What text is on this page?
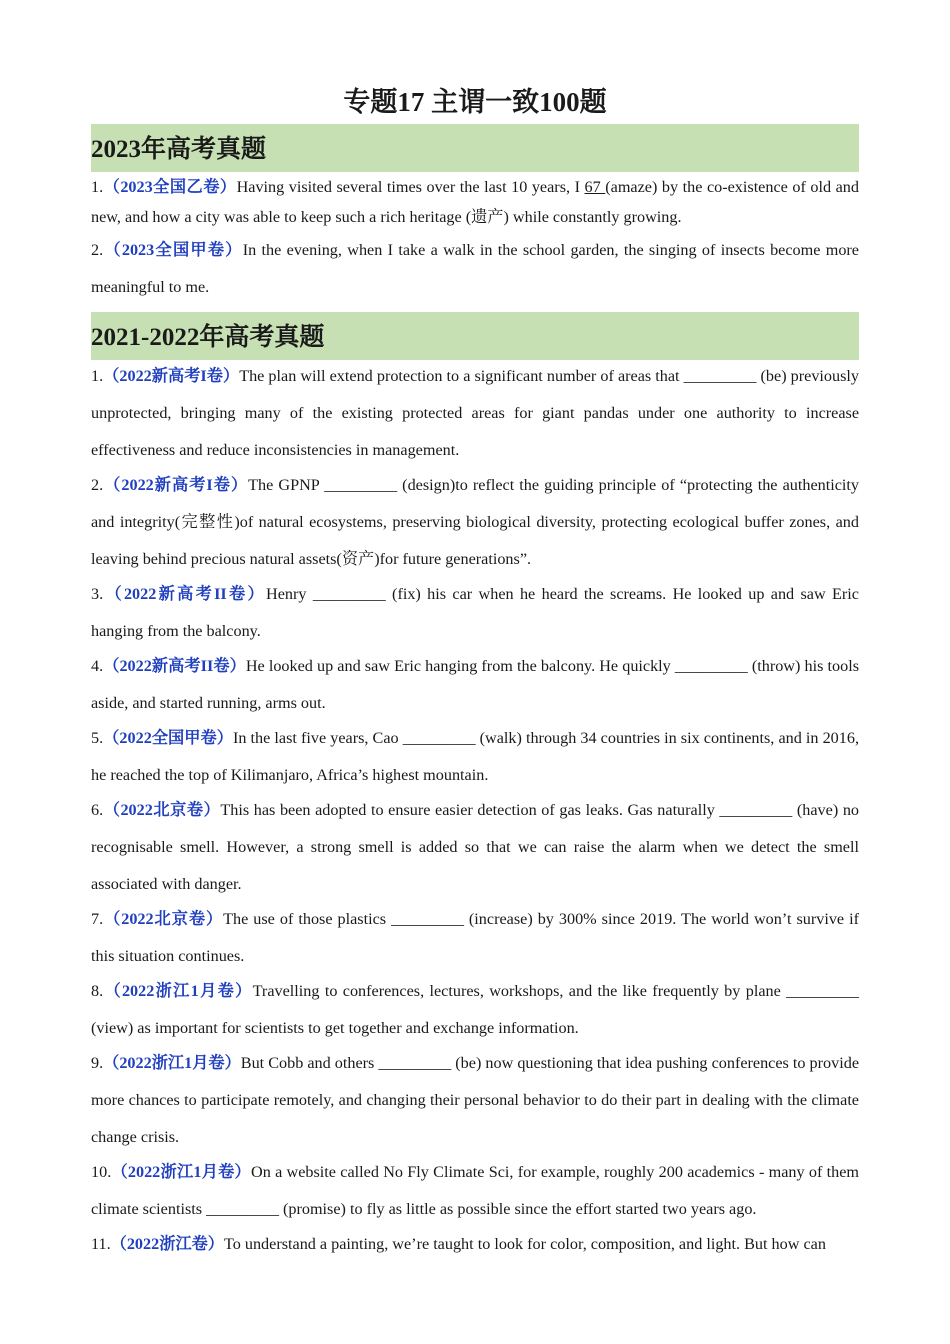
专题17 主谓一致100题
2023年高考真题

1.（2023全国乙卷）Having visited several times over the last 10 years, I 67 (amaze) by the co-existence of old and new, and how a city was able to keep such a rich heritage (遗产) while constantly growing.

2.（2023全国甲卷）In the evening, when I take a walk in the school garden, the singing of insects become more meaningful to me.

2021-2022年高考真题

1.（2022新高考I卷）The plan will extend protection to a significant number of areas that _________ (be) previously unprotected, bringing many of the existing protected areas for giant pandas under one authority to increase effectiveness and reduce inconsistencies in management.

2.（2022新高考I卷）The GPNP _________ (design)to reflect the guiding principle of “protecting the authenticity and integrity(完整性)of natural ecosystems, preserving biological diversity, protecting ecological buffer zones, and leaving behind precious natural assets(资产)for future generations”.

3.（2022新高考II卷）Henry _________ (fix) his car when he heard the screams. He looked up and saw Eric hanging from the balcony.

4.（2022新高考II卷）He looked up and saw Eric hanging from the balcony. He quickly _________ (throw) his tools aside, and started running, arms out.

5.（2022全国甲卷）In the last five years, Cao _________ (walk) through 34 countries in six continents, and in 2016, he reached the top of Kilimanjaro, Africa’s highest mountain.

6.（2022北京卷）This has been adopted to ensure easier detection of gas leaks. Gas naturally _________ (have) no recognisable smell. However, a strong smell is added so that we can raise the alarm when we detect the smell associated with danger.

7.（2022北京卷）The use of those plastics _________ (increase) by 300% since 2019. The world won’t survive if this situation continues.

8.（2022浙江1月卷）Travelling to conferences, lectures, workshops, and the like frequently by plane _________ (view) as important for scientists to get together and exchange information.

9.（2022浙江1月卷）But Cobb and others _________ (be) now questioning that idea pushing conferences to provide more chances to participate remotely, and changing their personal behavior to do their part in dealing with the climate change crisis.

10.（2022浙江1月卷）On a website called No Fly Climate Sci, for example, roughly 200 academics - many of them climate scientists _________ (promise) to fly as little as possible since the effort started two years ago.

11.（2022浙江卷）To understand a painting, we’re taught to look for color, composition, and light. But how can
